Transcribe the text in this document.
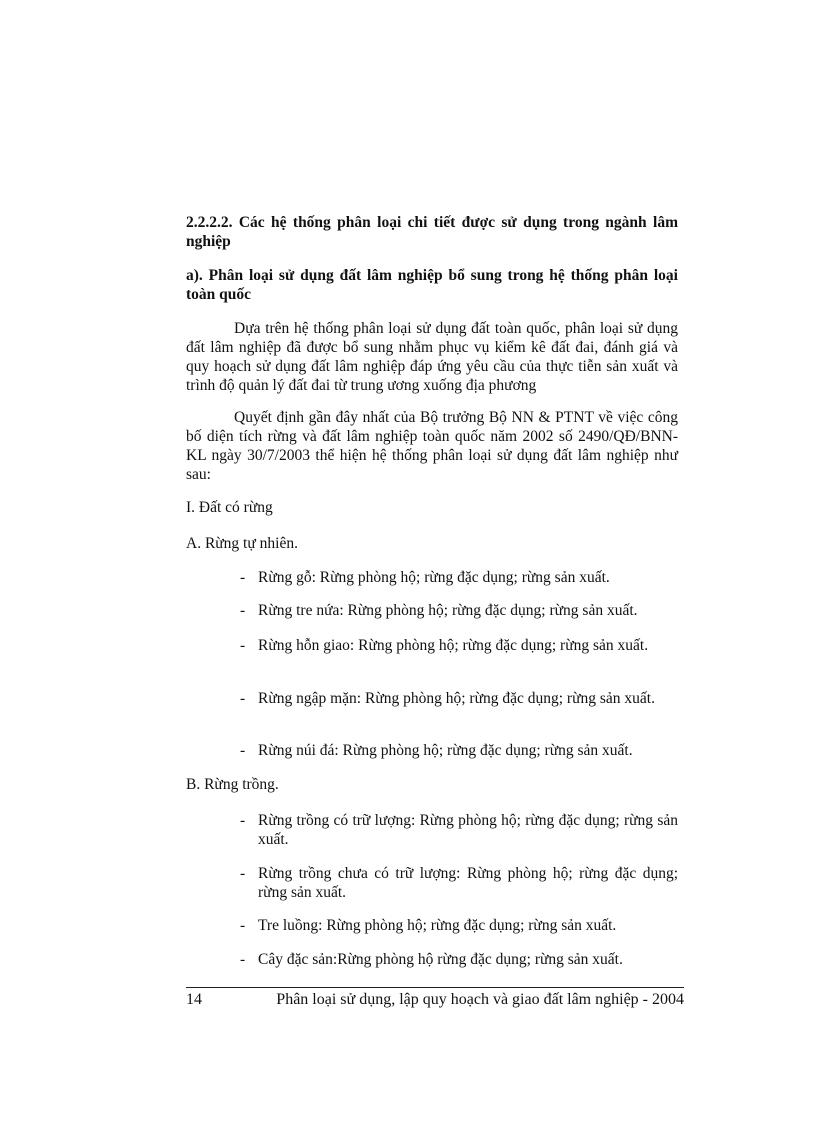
2.2.2.2. Các hệ thống phân loại chi tiết được sử dụng trong ngành lâm nghiệp
a). Phân loại sử dụng đất lâm nghiệp bổ sung trong hệ thống phân loại toàn quốc
Dựa trên hệ thống phân loại sử dụng đất toàn quốc, phân loại sử dụng đất lâm nghiệp đã được bổ sung nhằm phục vụ kiểm kê đất đai, đánh giá và quy hoạch sử dụng đất lâm nghiệp đáp ứng yêu cầu của thực tiễn sản xuất và trình độ quản lý đất đai từ trung ương xuống địa phương
Quyết định gần đây nhất của Bộ trưởng Bộ NN & PTNT về việc công bố diện tích rừng và đất lâm nghiệp toàn quốc năm 2002 số 2490/QĐ/BNN-KL ngày 30/7/2003 thể hiện hệ thống phân loại sử dụng đất lâm nghiệp như sau:
I. Đất có rừng
A. Rừng tự nhiên.
- Rừng gỗ: Rừng phòng hộ; rừng đặc dụng; rừng sản xuất.
- Rừng tre nứa: Rừng phòng hộ; rừng đặc dụng; rừng sản xuất.
- Rừng hỗn giao: Rừng phòng hộ; rừng đặc dụng; rừng sản xuất.
- Rừng ngập mặn: Rừng phòng hộ; rừng đặc dụng; rừng sản xuất.
- Rừng núi đá: Rừng phòng hộ; rừng đặc dụng; rừng sản xuất.
B. Rừng trồng.
- Rừng trồng có trữ lượng: Rừng phòng hộ; rừng đặc dụng; rừng sản xuất.
- Rừng trồng chưa có trữ lượng: Rừng phòng hộ; rừng đặc dụng; rừng sản xuất.
- Tre luồng: Rừng phòng hộ; rừng đặc dụng; rừng sản xuất.
- Cây đặc sản:Rừng phòng hộ rừng đặc dụng; rừng sản xuất.
14	Phân loại sử dụng, lập quy hoạch và giao đất lâm nghiệp - 2004
